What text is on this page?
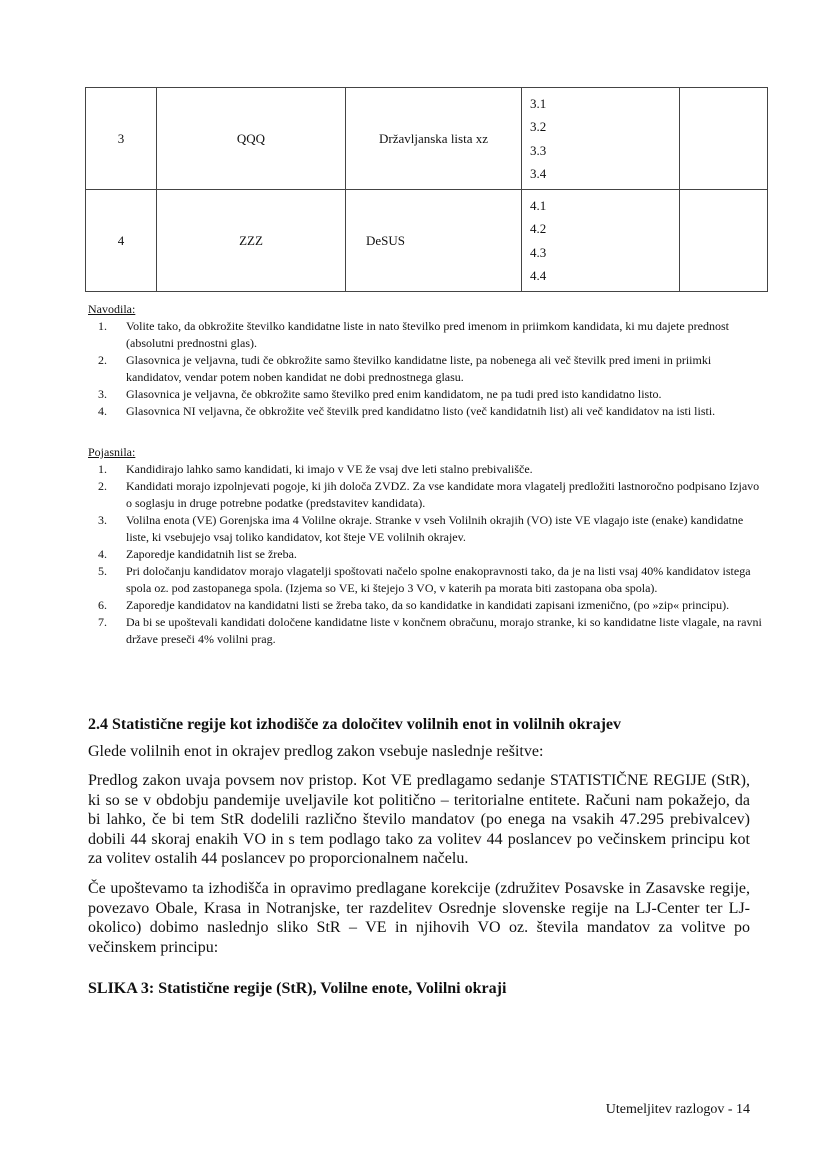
3	QQQ	Državljanska lista xz	3.1
3.2
3.3
3.4	

4	ZZZ	DeSUS	4.1
4.2
4.3
4.4	

Navodila:
1. Volite tako, da obkrožite številko kandidatne liste in nato številko pred imenom in priimkom kandidata, ki mu dajete prednost (absolutni prednostni glas).
2. Glasovnica je veljavna, tudi če obkrožite samo številko kandidatne liste, pa nobenega ali več številk pred imeni in priimki kandidatov, vendar potem noben kandidat ne dobi prednostnega glasu.
3. Glasovnica je veljavna, če obkrožite samo številko pred enim kandidatom, ne pa tudi pred isto kandidatno listo.
4. Glasovnica NI veljavna, če obkrožite več številk pred kandidatno listo (več kandidatnih list) ali več kandidatov na isti listi.
Pojasnila:
1. Kandidirajo lahko samo kandidati, ki imajo v VE že vsaj dve leti stalno prebivališče.
2. Kandidati morajo izpolnjevati pogoje, ki jih določa ZVDZ. Za vse kandidate mora vlagatelj predložiti lastnoročno podpisano Izjavo o soglasju in druge potrebne podatke (predstavitev kandidata).
3. Volilna enota (VE) Gorenjska ima 4 Volilne okraje. Stranke v vseh Volilnih okrajih (VO) iste VE vlagajo iste (enake) kandidatne liste, ki vsebujejo vsaj toliko kandidatov, kot šteje VE volilnih okrajev.
4. Zaporedje kandidatnih list se žreba.
5. Pri določanju kandidatov morajo vlagatelji spoštovati načelo spolne enakopravnosti tako, da je na listi vsaj 40% kandidatov istega spola oz. pod zastopanega spola. (Izjema so VE, ki štejejo 3 VO, v katerih pa morata biti zastopana oba spola).
6. Zaporedje kandidatov na kandidatni listi se žreba tako, da so kandidatke in kandidati zapisani izmenično, (po »zip« principu).
7. Da bi se upoštevali kandidati določene kandidatne liste v končnem obračunu, morajo stranke, ki so kandidatne liste vlagale, na ravni države preseči 4% volilni prag.
2.4 Statistične regije kot izhodišče za določitev volilnih enot in volilnih okrajev

Glede volilnih enot in okrajev predlog zakon vsebuje naslednje rešitve:

Predlog zakon uvaja povsem nov pristop. Kot VE predlagamo sedanje STATISTIČNE REGIJE (StR), ki so se v obdobju pandemije uveljavile kot politično – teritorialne entitete. Računi nam pokažejo, da bi lahko, če bi tem StR dodelili različno število mandatov (po enega na vsakih 47.295 prebivalcev) dobili 44 skoraj enakih VO in s tem podlago tako za volitev 44 poslancev po večinskem principu kot za volitev ostalih 44 poslancev po proporcionalnem načelu.

Če upoštevamo ta izhodišča in opravimo predlagane korekcije (združitev Posavske in Zasavske regije, povezavo Obale, Krasa in Notranjske, ter razdelitev Osrednje slovenske regije na LJ-Center ter LJ-okolico) dobimo naslednjo sliko StR – VE in njihovih VO oz. števila mandatov za volitve po večinskem principu:

SLIKA 3: Statistične regije (StR), Volilne enote, Volilni okraji
Utemeljitev razlogov - 14
